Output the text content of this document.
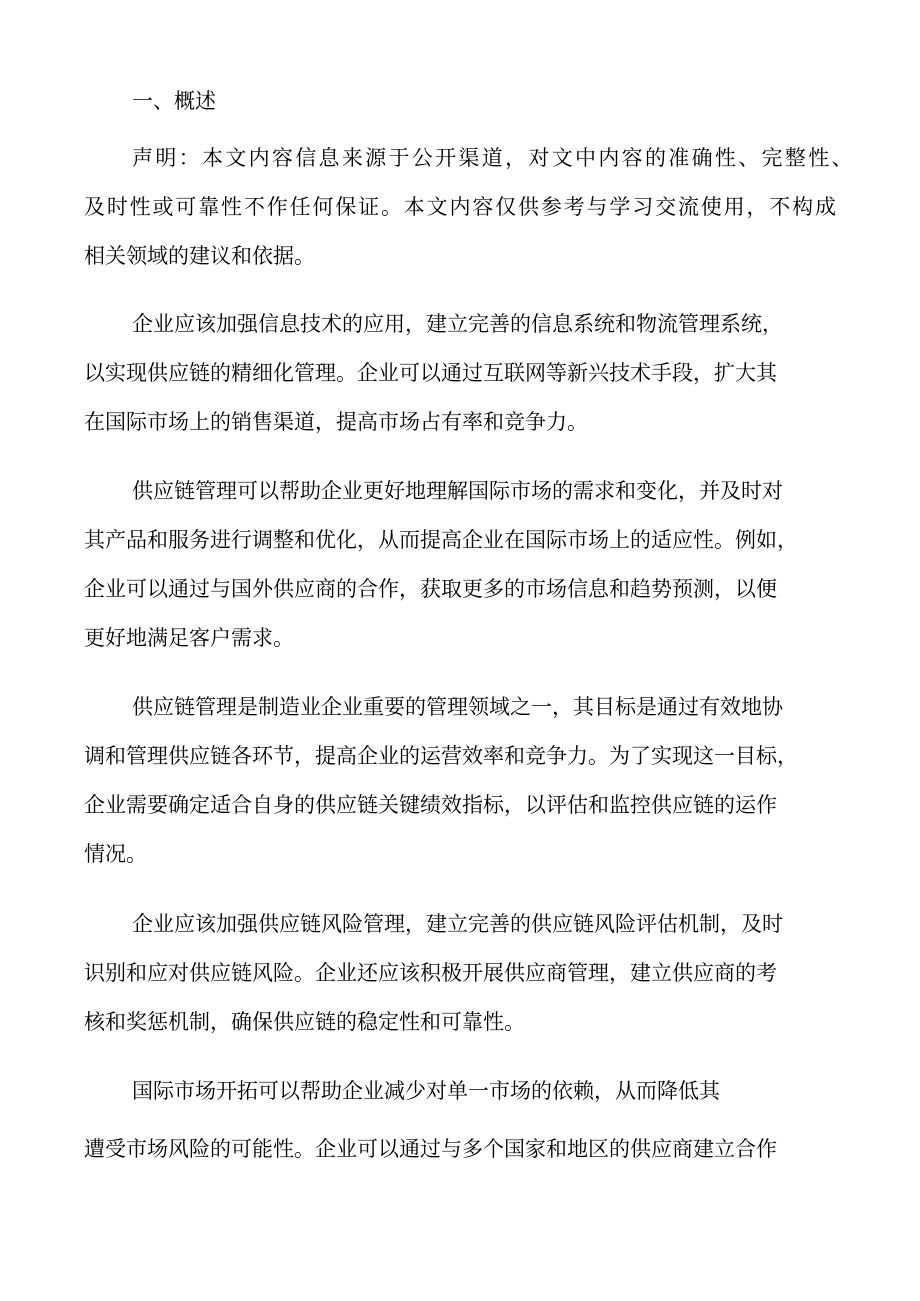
一、概述
声明：本文内容信息来源于公开渠道，对文中内容的准确性、完整性、
及时性或可靠性不作任何保证。本文内容仅供参考与学习交流使用，不构成
相关领域的建议和依据。
企业应该加强信息技术的应用，建立完善的信息系统和物流管理系统，
以实现供应链的精细化管理。企业可以通过互联网等新兴技术手段，扩大其
在国际市场上的销售渠道，提高市场占有率和竞争力。
供应链管理可以帮助企业更好地理解国际市场的需求和变化，并及时对
其产品和服务进行调整和优化，从而提高企业在国际市场上的适应性。例如，
企业可以通过与国外供应商的合作，获取更多的市场信息和趋势预测，以便
更好地满足客户需求。
供应链管理是制造业企业重要的管理领域之一，其目标是通过有效地协
调和管理供应链各环节，提高企业的运营效率和竞争力。为了实现这一目标，
企业需要确定适合自身的供应链关键绩效指标，以评估和监控供应链的运作
情况。
企业应该加强供应链风险管理，建立完善的供应链风险评估机制，及时
识别和应对供应链风险。企业还应该积极开展供应商管理，建立供应商的考
核和奖惩机制，确保供应链的稳定性和可靠性。
国际市场开拓可以帮助企业减少对单一市场的依赖，从而降低其
遭受市场风险的可能性。企业可以通过与多个国家和地区的供应商建立合作
